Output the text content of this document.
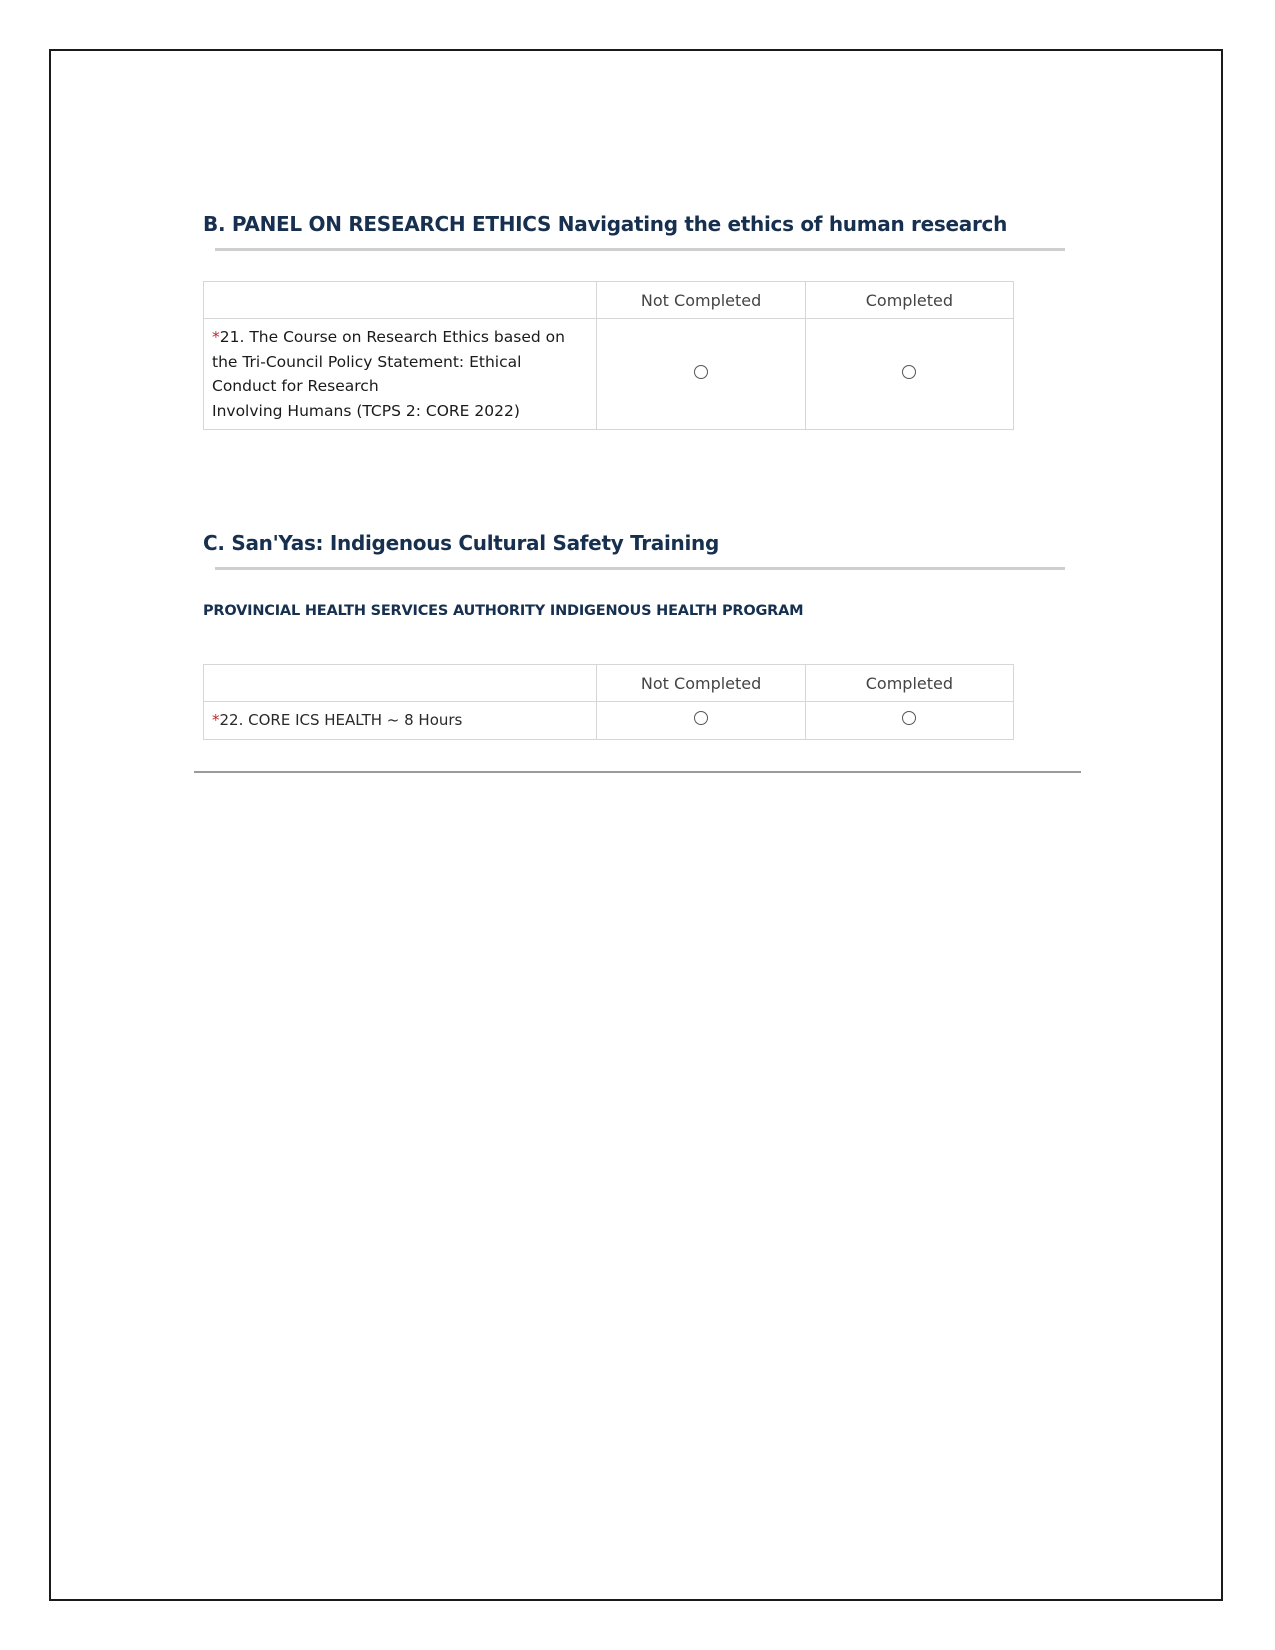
B. PANEL ON RESEARCH ETHICS Navigating the ethics of human research
	Not Completed	Completed
*21. The Course on Research Ethics based on
the Tri-Council Policy Statement: Ethical
Conduct for Research
Involving Humans (TCPS 2: CORE 2022)		
C. San'Yas: Indigenous Cultural Safety Training
PROVINCIAL HEALTH SERVICES AUTHORITY INDIGENOUS HEALTH PROGRAM
	Not Completed	Completed
*22. CORE ICS HEALTH ~ 8 Hours		
